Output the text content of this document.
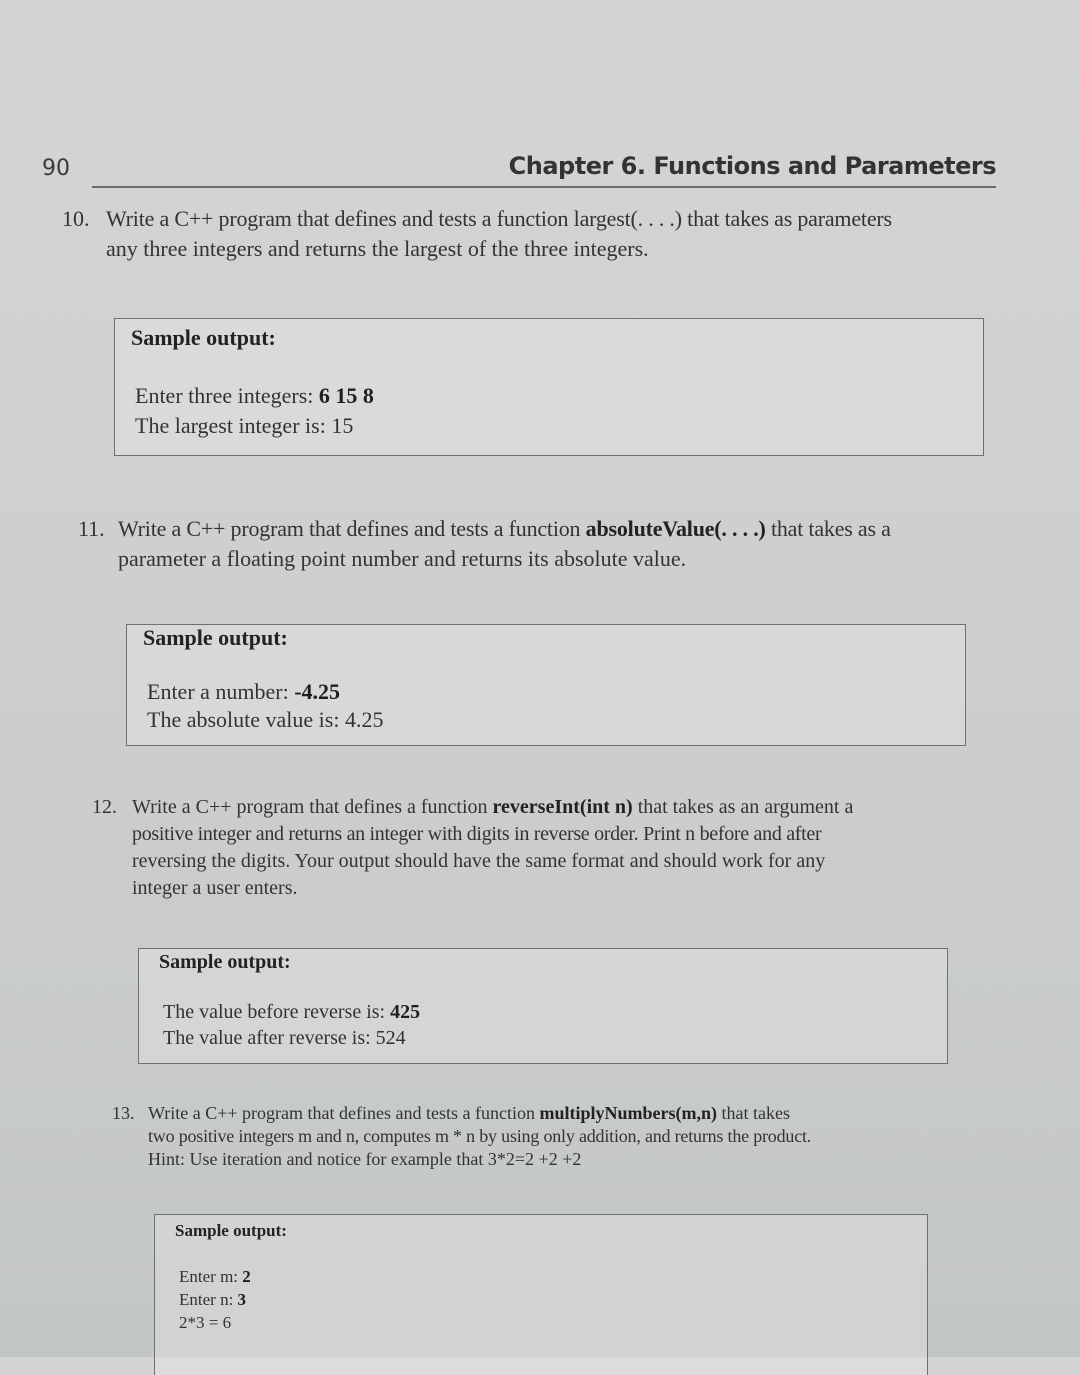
90	Chapter 6. Functions and Parameters
10. Write a C++ program that defines and tests a function largest(. . . .) that takes as parameters
any three integers and returns the largest of the three integers.
Sample output:
Enter three integers: 6 15 8
The largest integer is: 15
11. Write a C++ program that defines and tests a function absoluteValue(. . . .) that takes as a
parameter a floating point number and returns its absolute value.
Sample output:
Enter a number: -4.25
The absolute value is: 4.25
12. Write a C++ program that defines a function reverseInt(int n) that takes as an argument a
positive integer and returns an integer with digits in reverse order. Print n before and after
reversing the digits. Your output should have the same format and should work for any
integer a user enters.
Sample output:
The value before reverse is: 425
The value after reverse is: 524
13. Write a C++ program that defines and tests a function multiplyNumbers(m,n) that takes
two positive integers m and n, computes m * n by using only addition, and returns the product.
Hint: Use iteration and notice for example that 3*2=2 +2 +2
Sample output:
Enter m: 2
Enter n: 3
2*3 = 6
